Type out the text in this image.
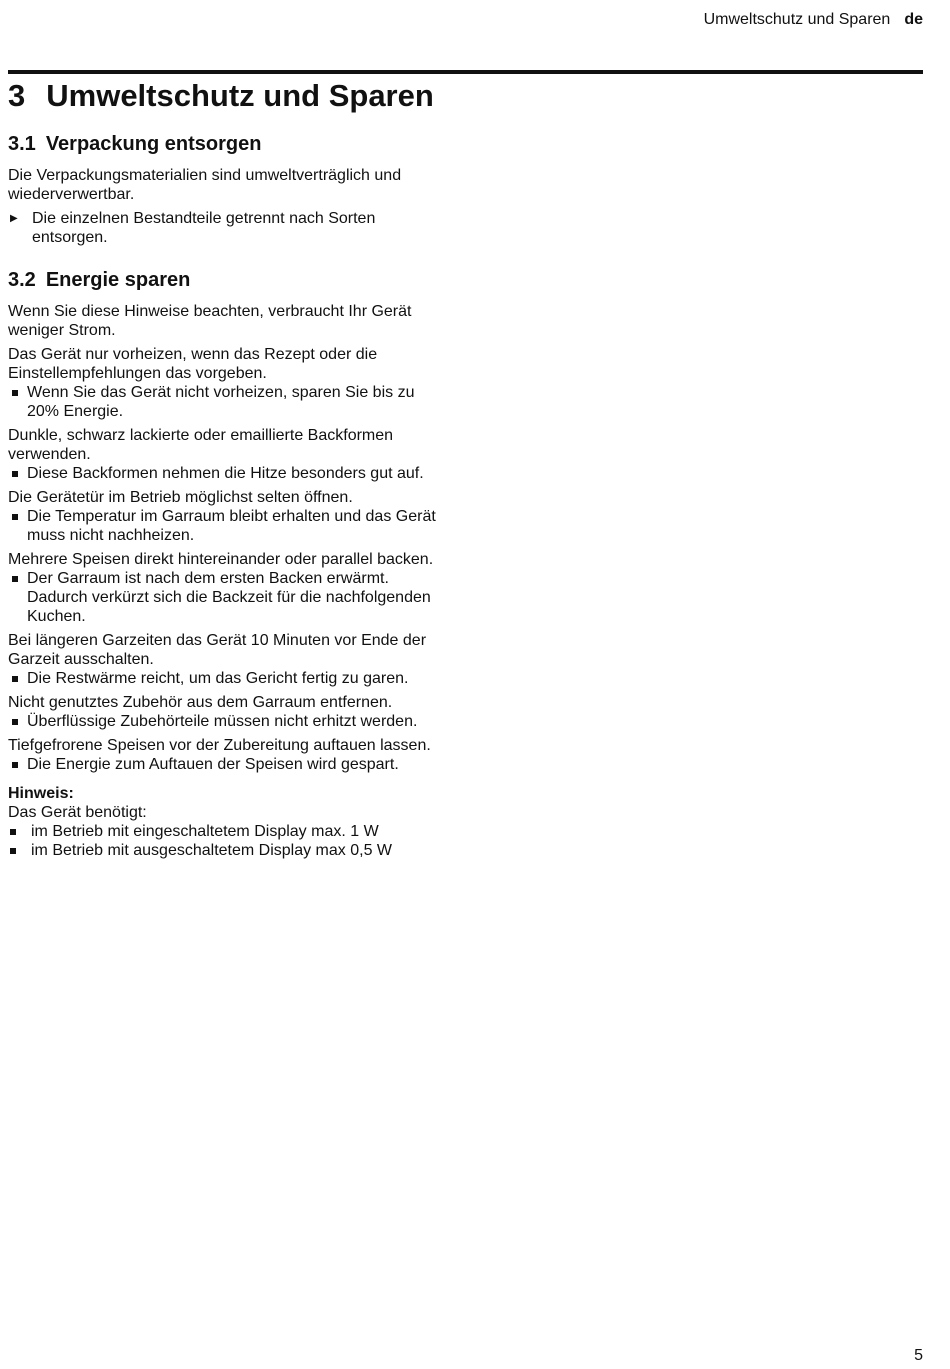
Umweltschutz und Sparen de
3 Umweltschutz und Sparen
3.1 Verpackung entsorgen

Die Verpackungsmaterialien sind umweltverträglich und wiederverwertbar.

▶ Die einzelnen Bestandteile getrennt nach Sorten entsorgen.
3.2 Energie sparen

Wenn Sie diese Hinweise beachten, verbraucht Ihr Gerät weniger Strom.

Das Gerät nur vorheizen, wenn das Rezept oder die Einstellempfehlungen das vorgeben.

Wenn Sie das Gerät nicht vorheizen, sparen Sie bis zu 20% Energie.

Dunkle, schwarz lackierte oder emaillierte Backformen verwenden.

Diese Backformen nehmen die Hitze besonders gut auf.

Die Gerätetür im Betrieb möglichst selten öffnen.

Die Temperatur im Garraum bleibt erhalten und das Gerät muss nicht nachheizen.

Mehrere Speisen direkt hintereinander oder parallel backen.

Der Garraum ist nach dem ersten Backen erwärmt. Dadurch verkürzt sich die Backzeit für die nachfolgenden Kuchen.

Bei längeren Garzeiten das Gerät 10 Minuten vor Ende der Garzeit ausschalten.

Die Restwärme reicht, um das Gericht fertig zu garen.

Nicht genutztes Zubehör aus dem Garraum entfernen.

Überflüssige Zubehörteile müssen nicht erhitzt werden.

Tiefgefrorene Speisen vor der Zubereitung auftauen lassen.

Die Energie zum Auftauen der Speisen wird gespart.
Hinweis:
Das Gerät benötigt:
im Betrieb mit eingeschaltetem Display max. 1 W
im Betrieb mit ausgeschaltetem Display max 0,5 W
5
